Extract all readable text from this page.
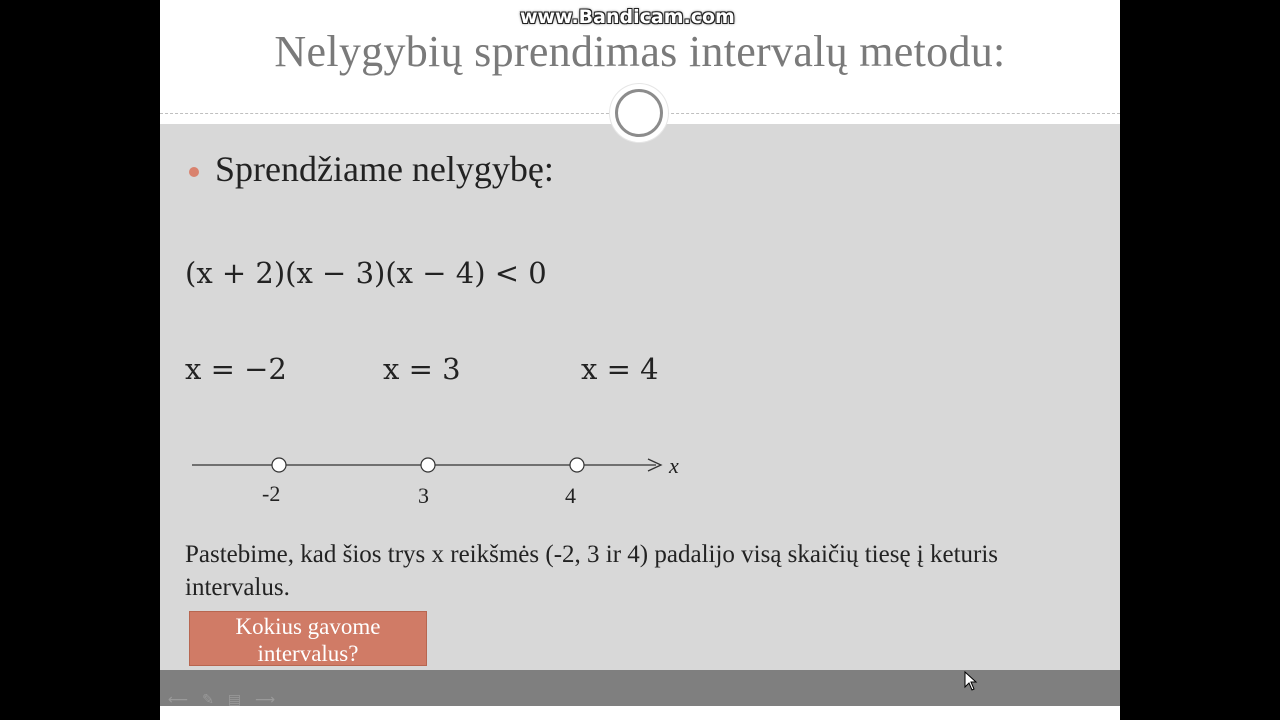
Nelygybių sprendimas intervalų metodu:
www.Bandicam.com
Sprendžiame nelygybę:
(x + 2)(x − 3)(x − 4) < 0
x = −2	x = 3	x = 4
-2	3	4
x
Pastebime, kad šios trys x reikšmės (-2, 3 ir 4) padalijo visą skaičių tiesę į keturis intervalus.
Kokius gavome intervalus?
⟵ ✎ ▤ ⟶
